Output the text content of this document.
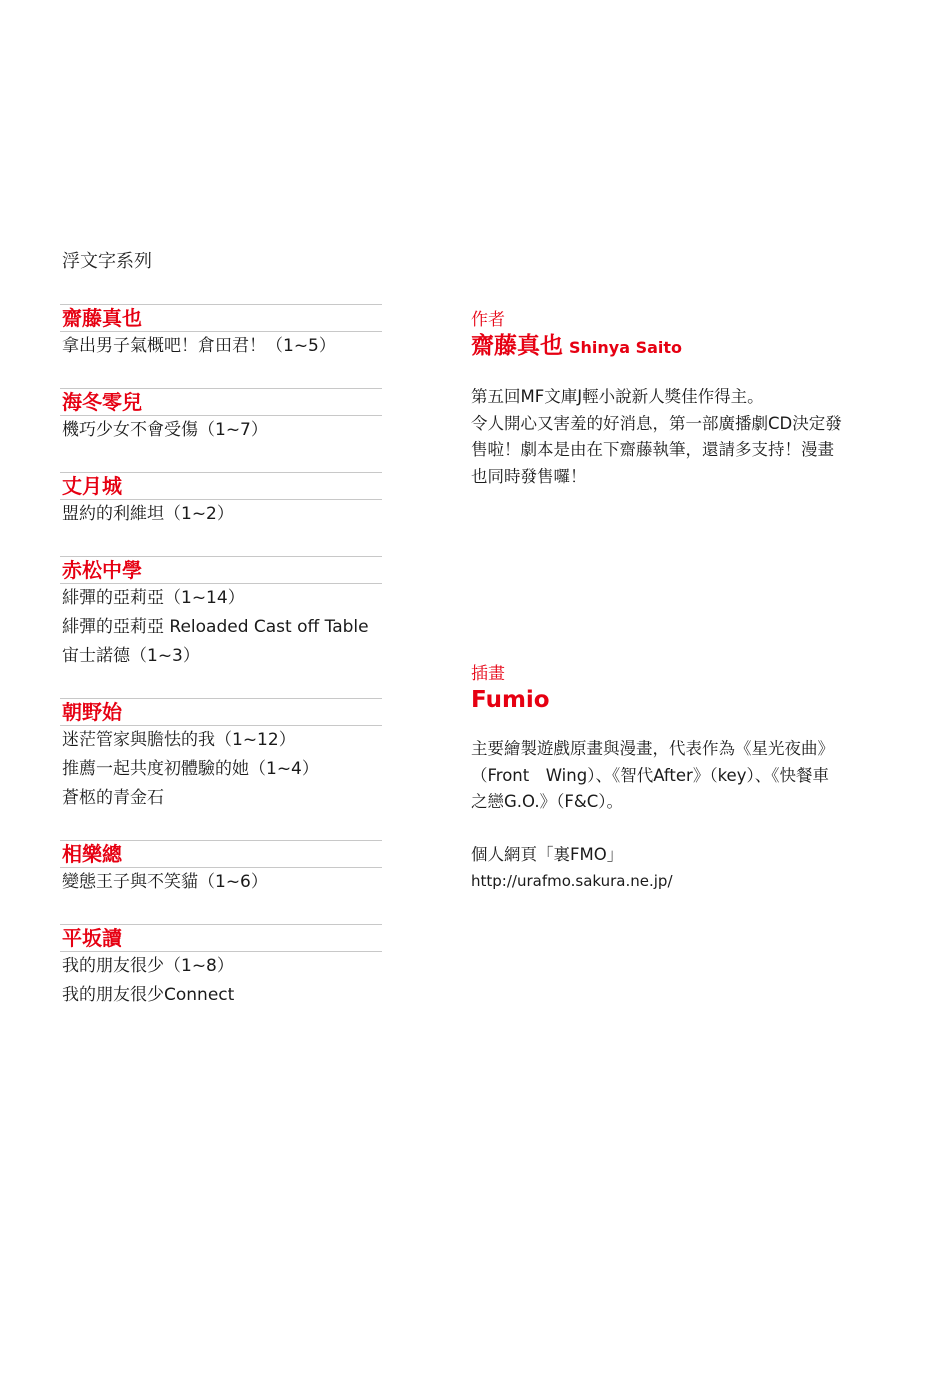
浮文字系列
齋藤真也
拿出男子氣概吧！倉田君！（1~5）
海冬零兒
機巧少女不會受傷（1~7）
丈月城
盟約的利維坦（1~2）
赤松中學
緋彈的亞莉亞（1~14）
緋彈的亞莉亞 Reloaded Cast off Table
宙士諾德（1~3）
朝野始
迷茫管家與膽怯的我（1~12）
推薦一起共度初體驗的她（1~4）
蒼柩的青金石
相樂總
變態王子與不笑貓（1~6）
平坂讀
我的朋友很少（1~8）
我的朋友很少Connect
作者
齋藤真也 Shinya Saito

第五回MF文庫J輕小說新人獎佳作得主。

令人開心又害羞的好消息，第一部廣播劇CD決定發

售啦！劇本是由在下齋藤執筆，還請多支持！漫畫

也同時發售囉！

插畫
Fumio

主要繪製遊戲原畫與漫畫，代表作為《星光夜曲》

（Front　Wing）、《智代After》（key）、《快餐車

之戀G.O.》（F&C）。

個人網頁「裏FMO」

http://urafmo.sakura.ne.jp/
